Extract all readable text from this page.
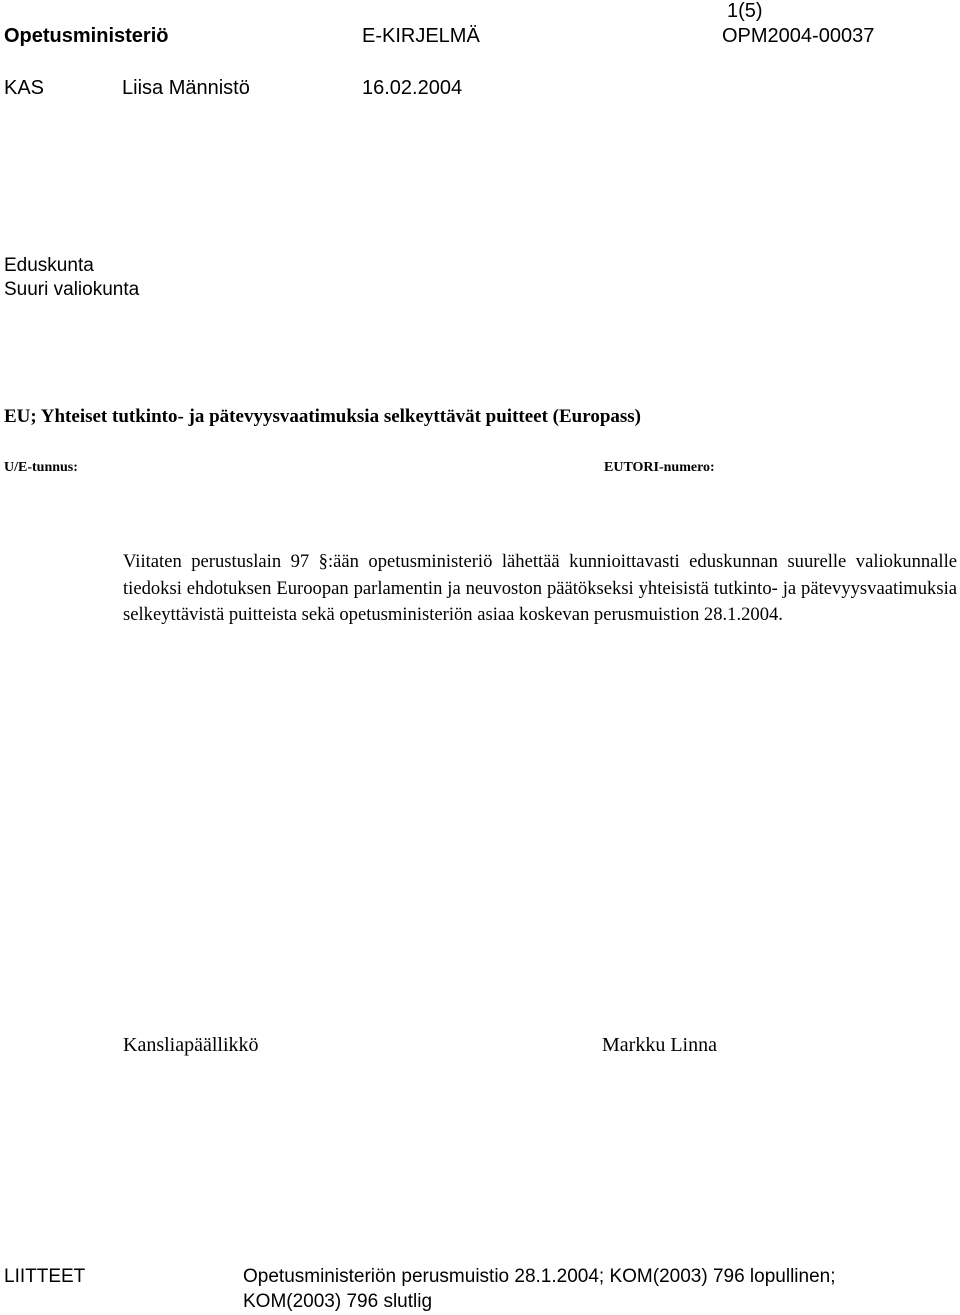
1(5)
Opetusministeriö	E-KIRJELMÄ	OPM2004-00037
KAS	Liisa Männistö	16.02.2004
Eduskunta
Suuri valiokunta
EU; Yhteiset tutkinto- ja pätevyysvaatimuksia selkeyttävät puitteet (Europass)
U/E-tunnus:	EUTORI-numero:
Viitaten perustuslain 97 §:ään opetusministeriö lähettää kunnioittavasti eduskunnan suurelle valiokunnalle tiedoksi ehdotuksen Euroopan parlamentin ja neuvoston päätökseksi yhteisistä tutkinto- ja pätevyysvaatimuksia selkeyttävistä puitteista sekä opetusministeriön asiaa koskevan perusmuistion 28.1.2004.
Kansliapäällikkö	Markku Linna
LIITTEET	Opetusministeriön perusmuistio 28.1.2004; KOM(2003) 796 lopullinen;
KOM(2003) 796 slutlig
